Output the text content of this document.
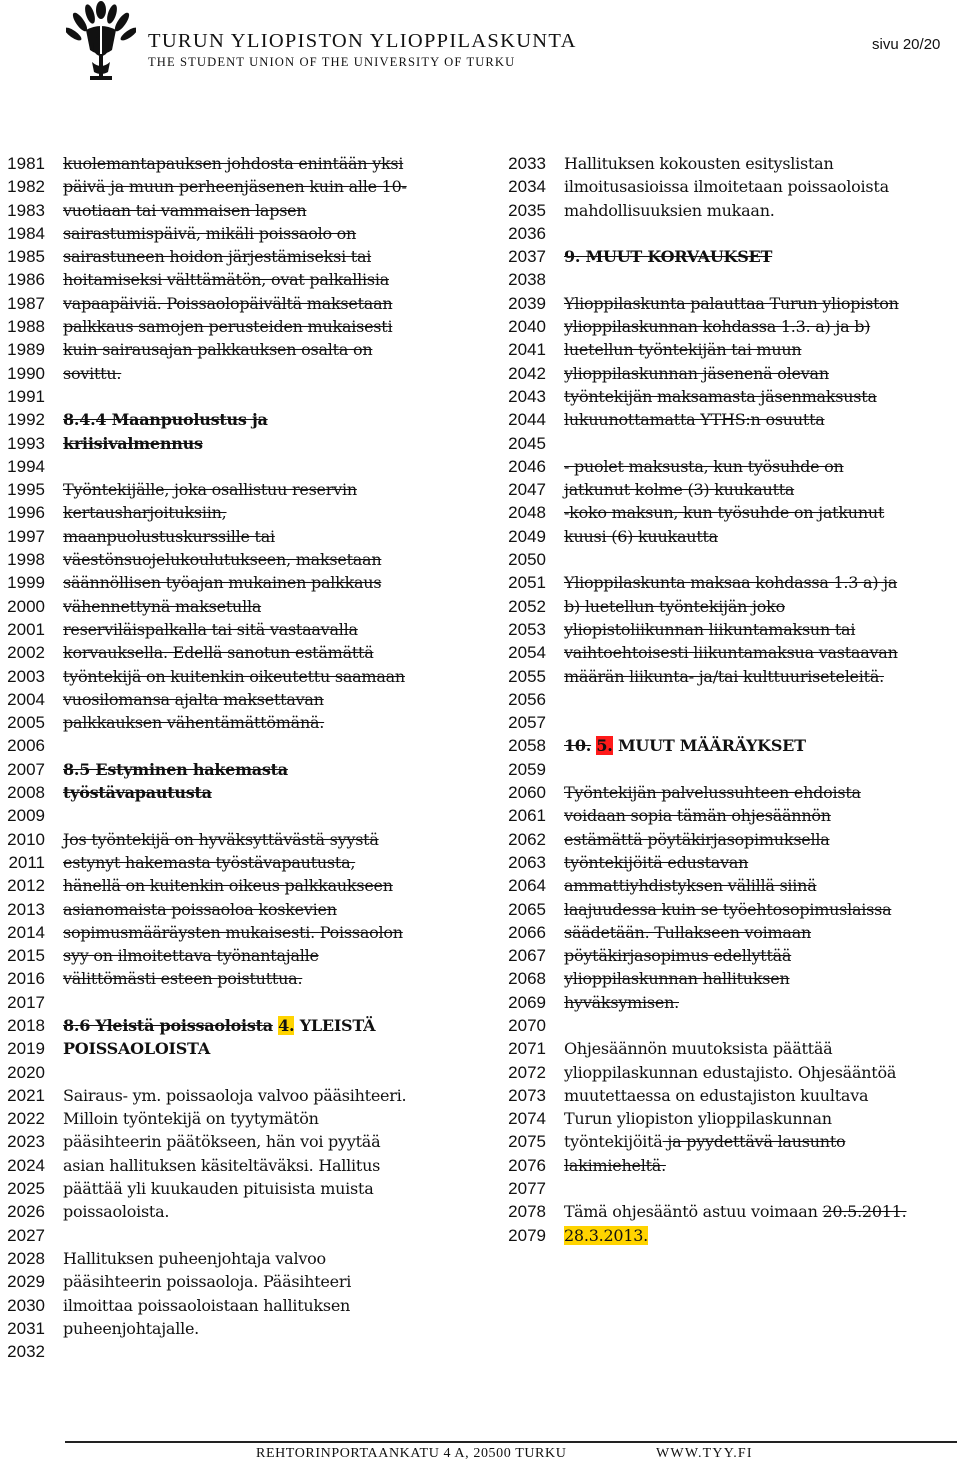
TURUN YLIOPISTON YLIOPPILASKUNTA
THE STUDENT UNION OF THE UNIVERSITY OF TURKU
sivu 20/20
1981
1982
1983
1984
1985
1986
1987
1988
1989
1990
1991
1992
1993
1994
1995
1996
1997
1998
1999
2000
2001
2002
2003
2004
2005
2006
2007
2008
2009
2010
2011
2012
2013
2014
2015
2016
2017
2018
2019
2020
2021
2022
2023
2024
2025
2026
2027
2028
2029
2030
2031
2032
kuolemantapauksen johdosta enintään yksi
päivä ja muun perheenjäsenen kuin alle 10-
vuotiaan tai vammaisen lapsen
sairastumispäivä, mikäli poissaolo on
sairastuneen hoidon järjestämiseksi tai
hoitamiseksi välttämätön, ovat palkallisia
vapaapäiviä. Poissaolopäivältä maksetaan
palkkaus samojen perusteiden mukaisesti
kuin sairausajan palkkauksen osalta on
sovittu.

8.4.4 Maanpuolustus ja
kriisivalmennus

Työntekijälle, joka osallistuu reservin
kertausharjoituksiin,
maanpuolustuskurssille tai
väestönsuojelukoulutukseen, maksetaan
säännöllisen työajan mukainen palkkaus
vähennettynä maksetulla
reserviläispalkalla tai sitä vastaavalla
korvauksella. Edellä sanotun estämättä
työntekijä on kuitenkin oikeutettu saamaan
vuosilomansa ajalta maksettavan
palkkauksen vähentämättömänä.

8.5 Estyminen hakemasta
työstävapautusta

Jos työntekijä on hyväksyttävästä syystä
estynyt hakemasta työstävapautusta,
hänellä on kuitenkin oikeus palkkaukseen
asianomaista poissaoloa koskevien
sopimusmääräysten mukaisesti. Poissaolon
syy on ilmoitettava työnantajalle
välittömästi esteen poistuttua.

8.6 Yleistä poissaoloista 4. YLEISTÄ
POISSAOLOISTA

Sairaus- ym. poissaoloja valvoo pääsihteeri.
Milloin työntekijä on tyytymätön
pääsihteerin päätökseen, hän voi pyytää
asian hallituksen käsiteltäväksi. Hallitus
päättää yli kuukauden pituisista muista
poissaoloista.

Hallituksen puheenjohtaja valvoo
pääsihteerin poissaoloja. Pääsihteeri
ilmoittaa poissaoloistaan hallituksen
puheenjohtajalle.

2033
2034
2035
2036
2037
2038
2039
2040
2041
2042
2043
2044
2045
2046
2047
2048
2049
2050
2051
2052
2053
2054
2055
2056
2057
2058
2059
2060
2061
2062
2063
2064
2065
2066
2067
2068
2069
2070
2071
2072
2073
2074
2075
2076
2077
2078
2079
Hallituksen kokousten esityslistan
ilmoitusasioissa ilmoitetaan poissaoloista
mahdollisuuksien mukaan.

9. MUUT KORVAUKSET

Ylioppilaskunta palauttaa Turun yliopiston
ylioppilaskunnan kohdassa 1.3. a) ja b)
luetellun työntekijän tai muun
ylioppilaskunnan jäsenenä olevan
työntekijän maksamasta jäsenmaksusta
lukuunottamatta YTHS:n osuutta

- puolet maksusta, kun työsuhde on
jatkunut kolme (3) kuukautta
-koko maksun, kun työsuhde on jatkunut
kuusi (6) kuukautta

Ylioppilaskunta maksaa kohdassa 1.3 a) ja
b) luetellun työntekijän joko
yliopistoliikunnan liikuntamaksun tai
vaihtoehtoisesti liikuntamaksua vastaavan
määrän liikunta- ja/tai kulttuuriseteleitä.

10. 5. MUUT MÄÄRÄYKSET

Työntekijän palvelussuhteen ehdoista
voidaan sopia tämän ohjesäännön
estämättä pöytäkirjasopimuksella
työntekijöitä edustavan
ammattiyhdistyksen välillä siinä
laajuudessa kuin se työehtosopimuslaissa
säädetään. Tullakseen voimaan
pöytäkirjasopimus edellyttää
ylioppilaskunnan hallituksen
hyväksymisen.

Ohjesäännön muutoksista päättää
ylioppilaskunnan edustajisto. Ohjesääntöä
muutettaessa on edustajiston kuultava
Turun yliopiston ylioppilaskunnan
työntekijöitä ja pyydettävä lausunto
lakimieheltä.

Tämä ohjesääntö astuu voimaan 20.5.2011.
28.3.2013.
REHTORINPORTAANKATU 4 A, 20500 TURKU	WWW.TYY.FI
